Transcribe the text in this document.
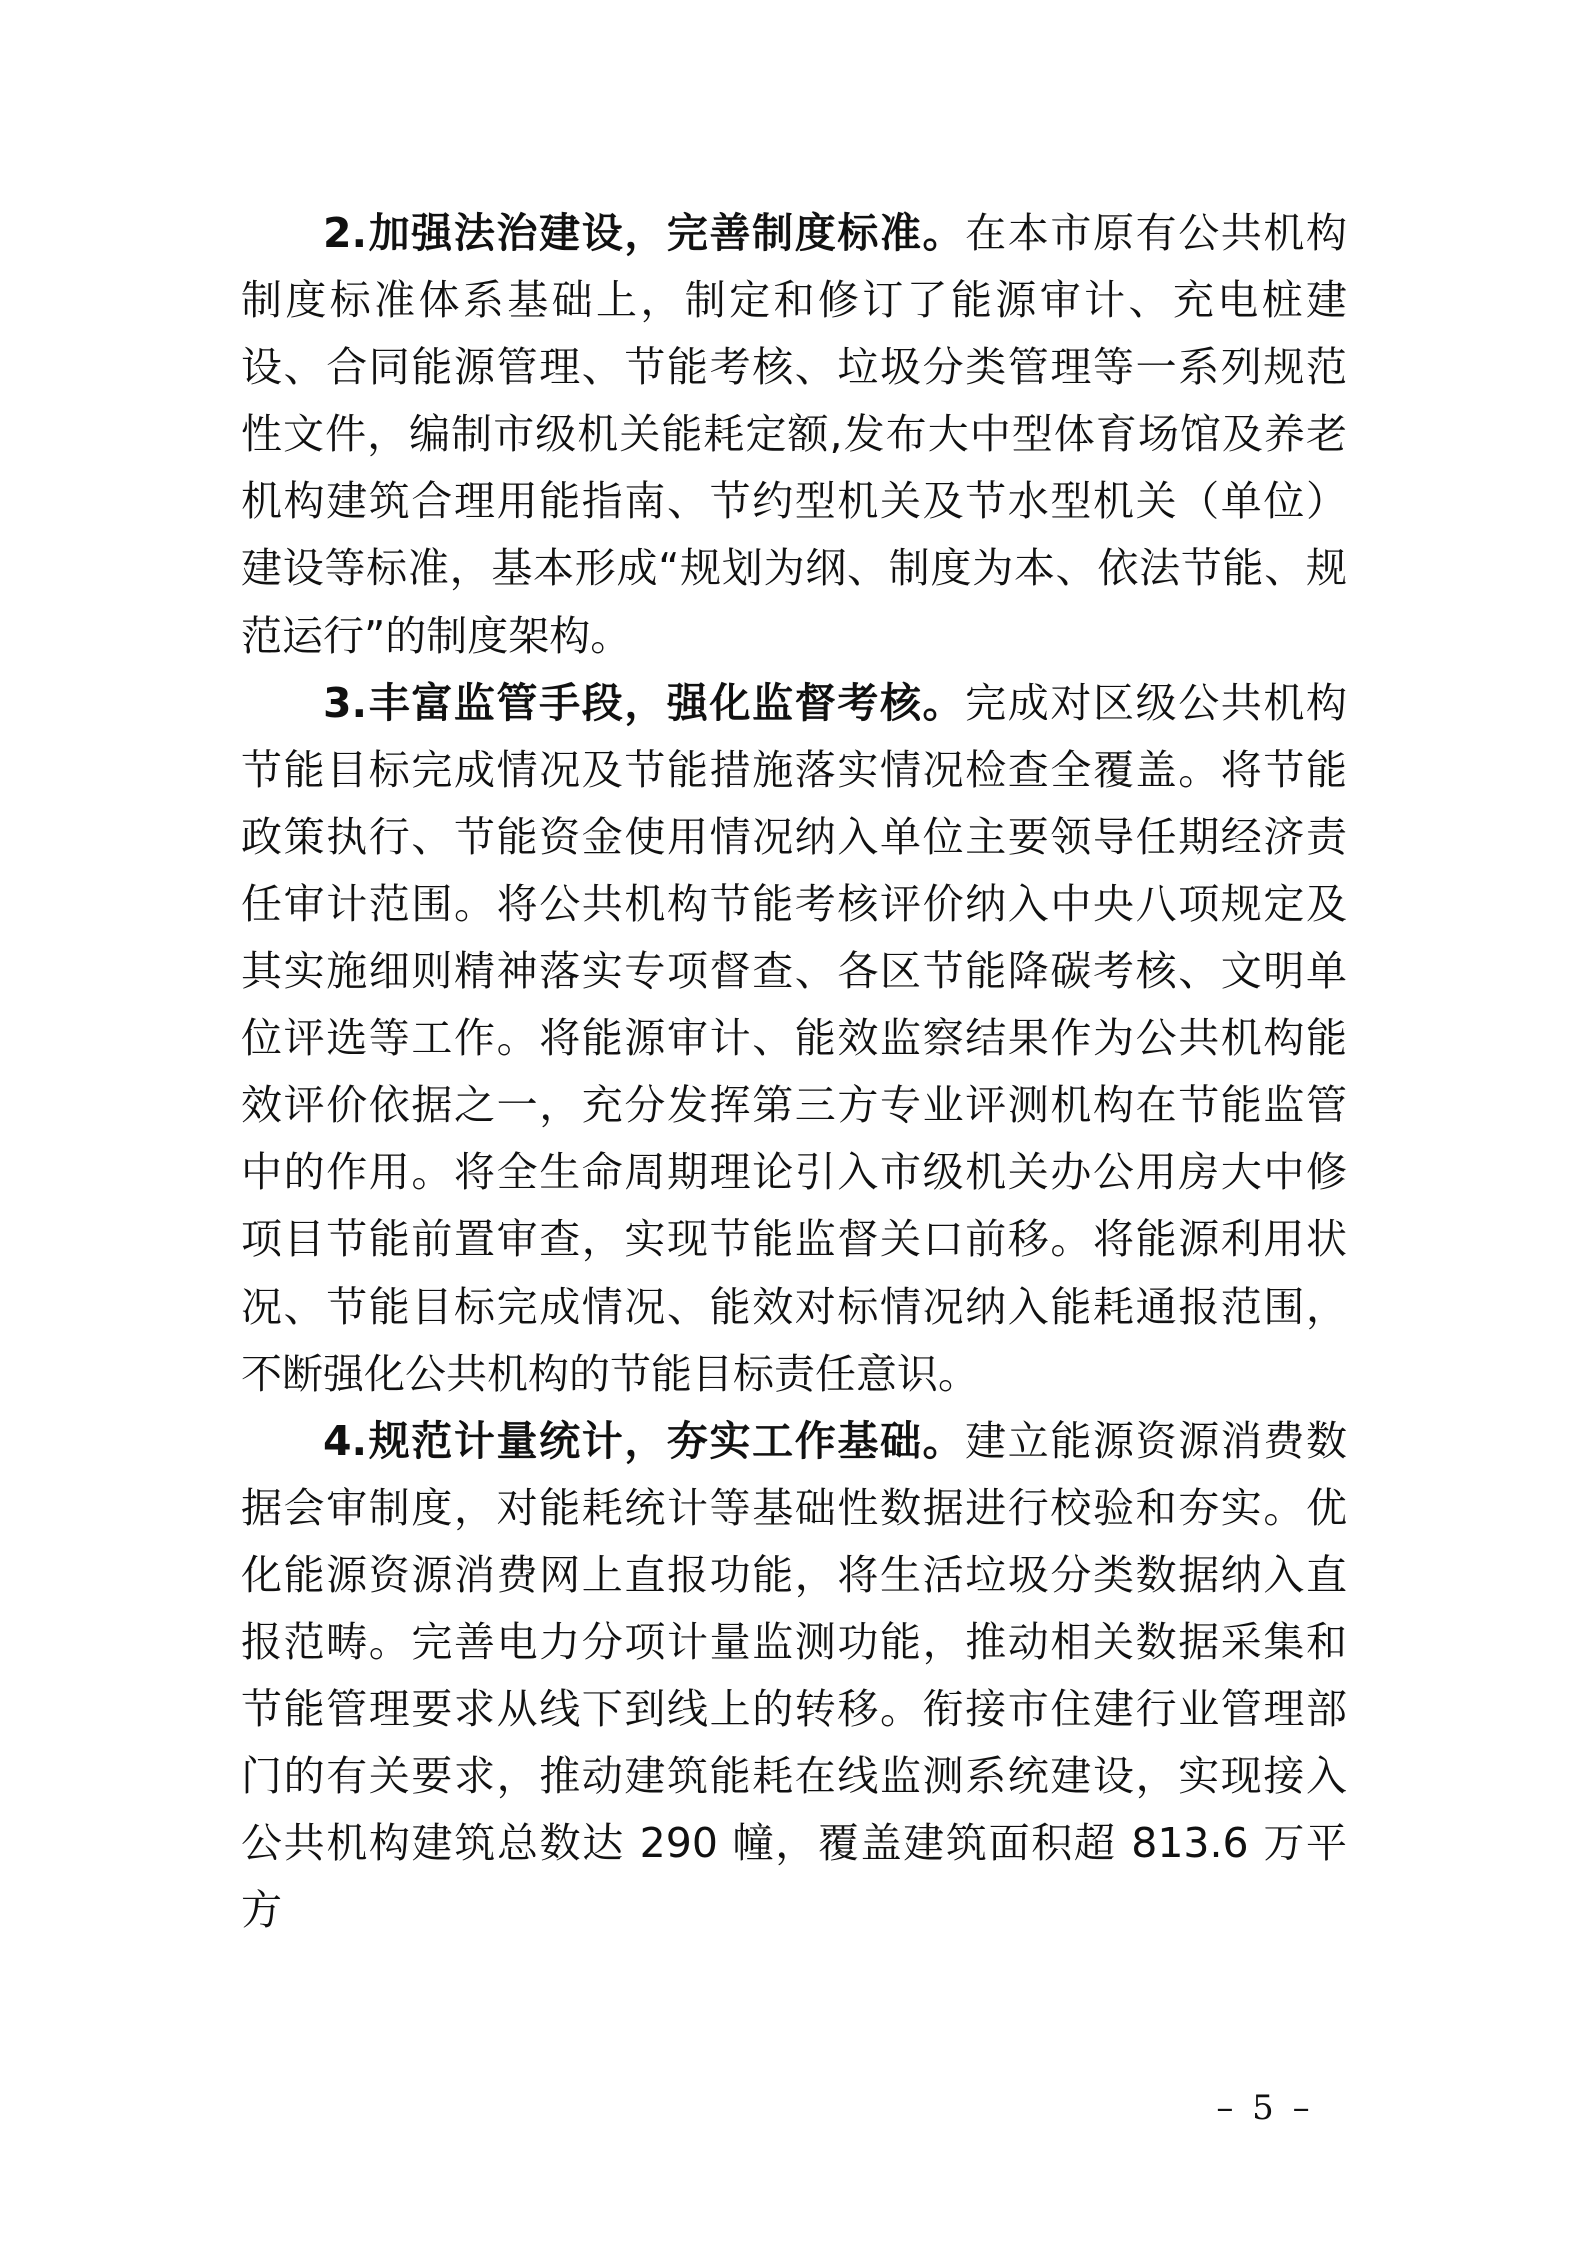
2.加强法治建设，完善制度标准。在本市原有公共机构制度标准体系基础上，制定和修订了能源审计、充电桩建设、合同能源管理、节能考核、垃圾分类管理等一系列规范性文件，编制市级机关能耗定额,发布大中型体育场馆及养老机构建筑合理用能指南、节约型机关及节水型机关（单位）建设等标准，基本形成“规划为纲、制度为本、依法节能、规范运行”的制度架构。

3.丰富监管手段，强化监督考核。完成对区级公共机构节能目标完成情况及节能措施落实情况检查全覆盖。将节能政策执行、节能资金使用情况纳入单位主要领导任期经济责任审计范围。将公共机构节能考核评价纳入中央八项规定及其实施细则精神落实专项督查、各区节能降碳考核、文明单位评选等工作。将能源审计、能效监察结果作为公共机构能效评价依据之一，充分发挥第三方专业评测机构在节能监管中的作用。将全生命周期理论引入市级机关办公用房大中修项目节能前置审查，实现节能监督关口前移。将能源利用状况、节能目标完成情况、能效对标情况纳入能耗通报范围，不断强化公共机构的节能目标责任意识。

4.规范计量统计，夯实工作基础。建立能源资源消费数据会审制度，对能耗统计等基础性数据进行校验和夯实。优化能源资源消费网上直报功能，将生活垃圾分类数据纳入直报范畴。完善电力分项计量监测功能，推动相关数据采集和节能管理要求从线下到线上的转移。衔接市住建行业管理部门的有关要求，推动建筑能耗在线监测系统建设，实现接入公共机构建筑总数达 290 幢，覆盖建筑面积超 813.6 万平方

– 5 –
